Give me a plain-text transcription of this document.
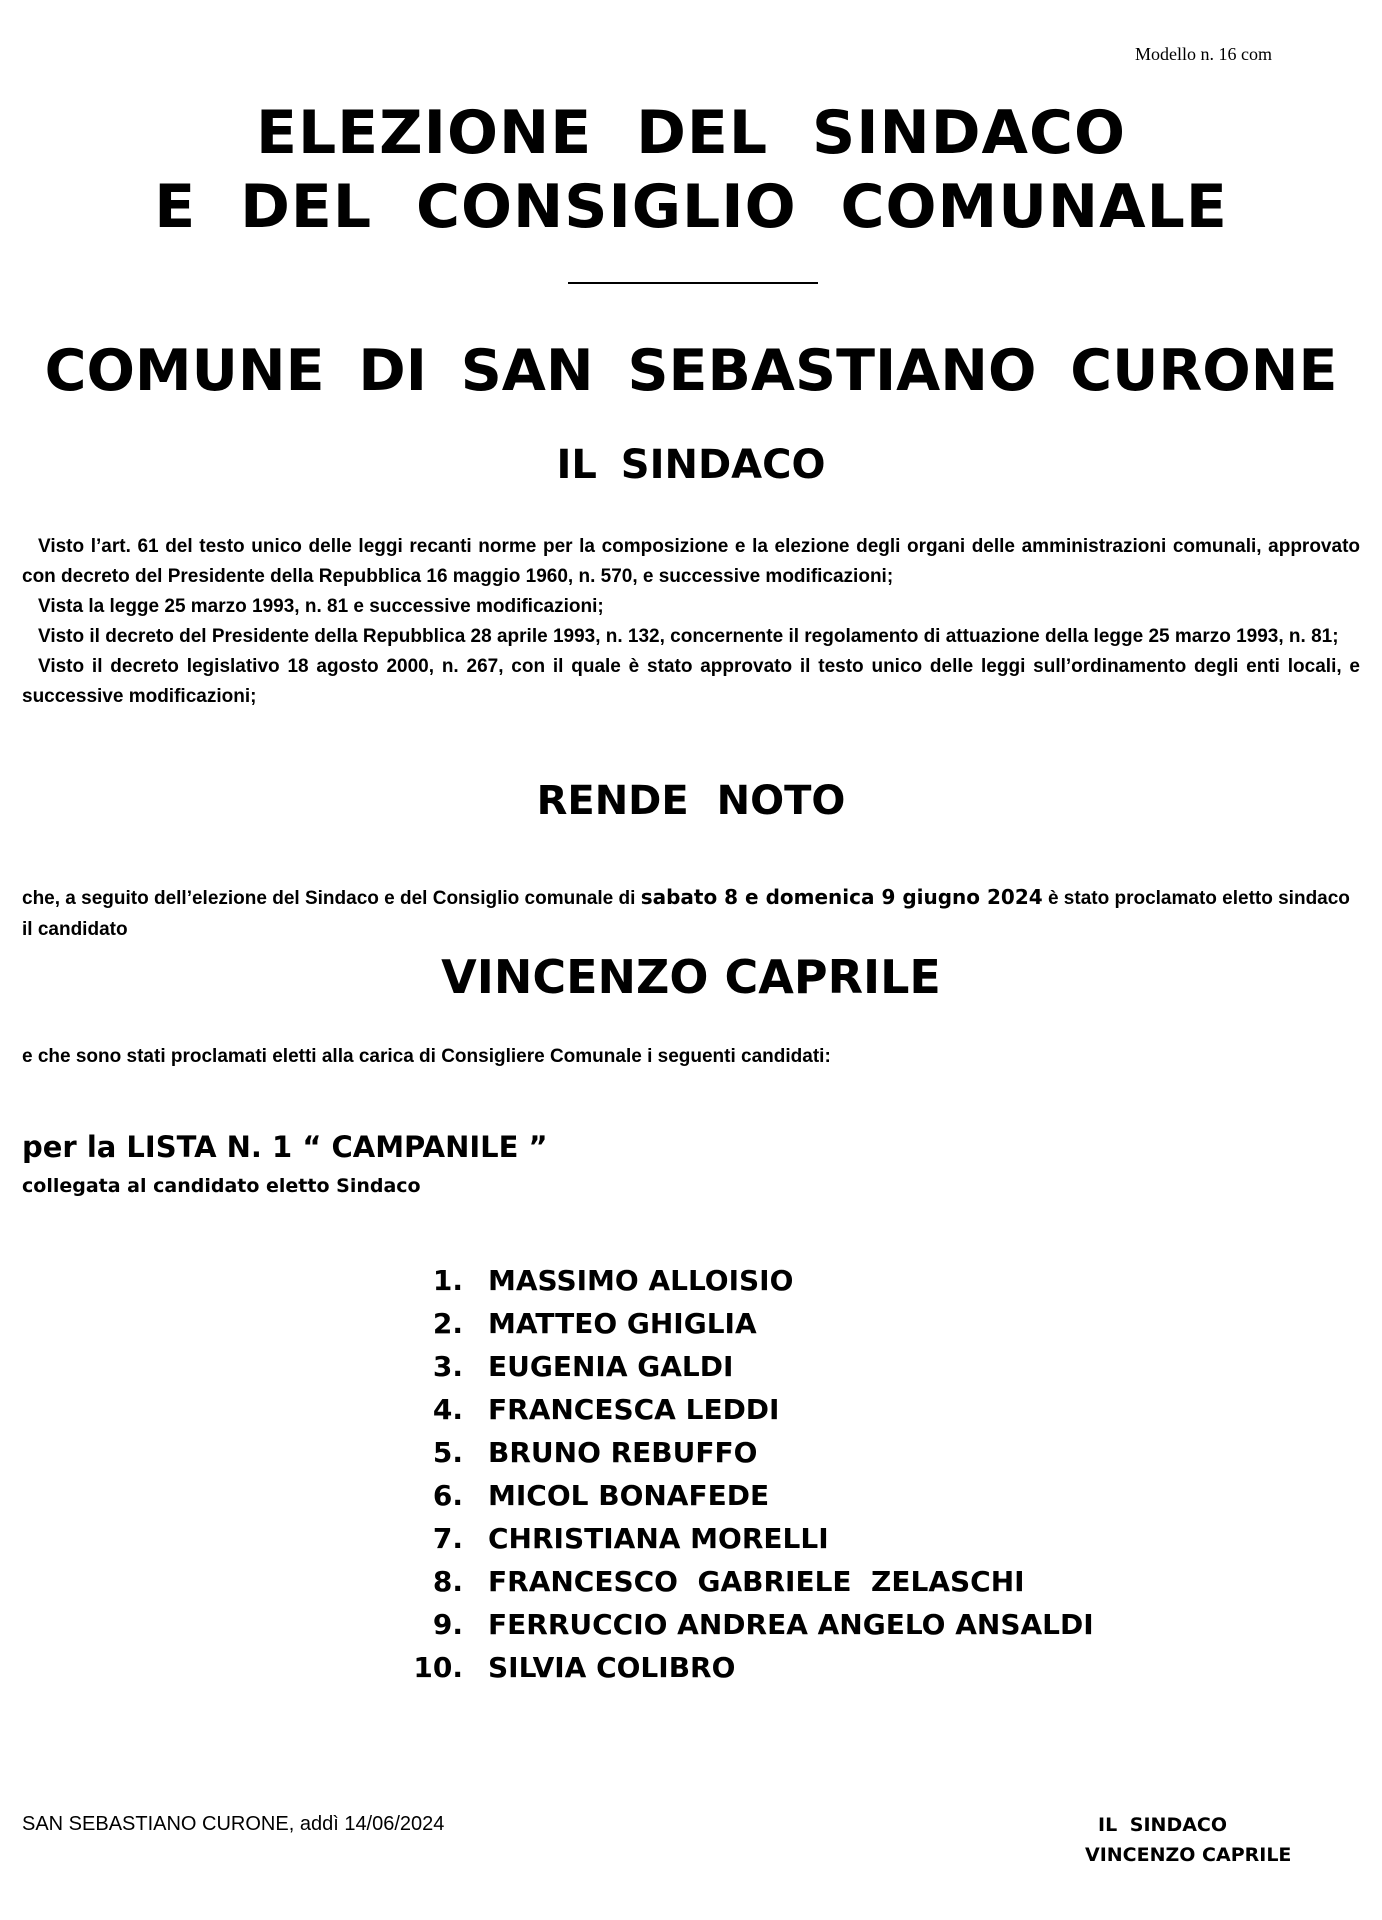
Modello n. 16 com
ELEZIONE DEL SINDACO
E DEL CONSIGLIO COMUNALE
COMUNE DI SAN SEBASTIANO CURONE
IL SINDACO

Visto l’art. 61 del testo unico delle leggi recanti norme per la composizione e la elezione degli organi delle amministrazioni comunali, approvato con decreto del Presidente della Repubblica 16 maggio 1960, n. 570, e successive modificazioni;

Vista la legge 25 marzo 1993, n. 81 e successive modificazioni;

Visto il decreto del Presidente della Repubblica 28 aprile 1993, n. 132, concernente il regolamento di attuazione della legge 25 marzo 1993, n. 81;

Visto il decreto legislativo 18 agosto 2000, n. 267, con il quale è stato approvato il testo unico delle leggi sull’ordinamento degli enti locali, e successive modificazioni;

RENDE NOTO
che, a seguito dell’elezione del Sindaco e del Consiglio comunale di sabato 8 e domenica 9 giugno 2024 è stato proclamato eletto sindaco il candidato
VINCENZO CAPRILE
e che sono stati proclamati eletti alla carica di Consigliere Comunale i seguenti candidati:
per la LISTA N. 1 “ CAMPANILE ”
collegata al candidato eletto Sindaco
1. MASSIMO ALLOISIO
2. MATTEO GHIGLIA
3. EUGENIA GALDI
4. FRANCESCA LEDDI
5. BRUNO REBUFFO
6. MICOL BONAFEDE
7. CHRISTIANA MORELLI
8. FRANCESCO  GABRIELE  ZELASCHI
9. FERRUCCIO ANDREA ANGELO ANSALDI
10. SILVIA COLIBRO
SAN SEBASTIANO CURONE, addì 14/06/2024	IL SINDACO
VINCENZO CAPRILE
